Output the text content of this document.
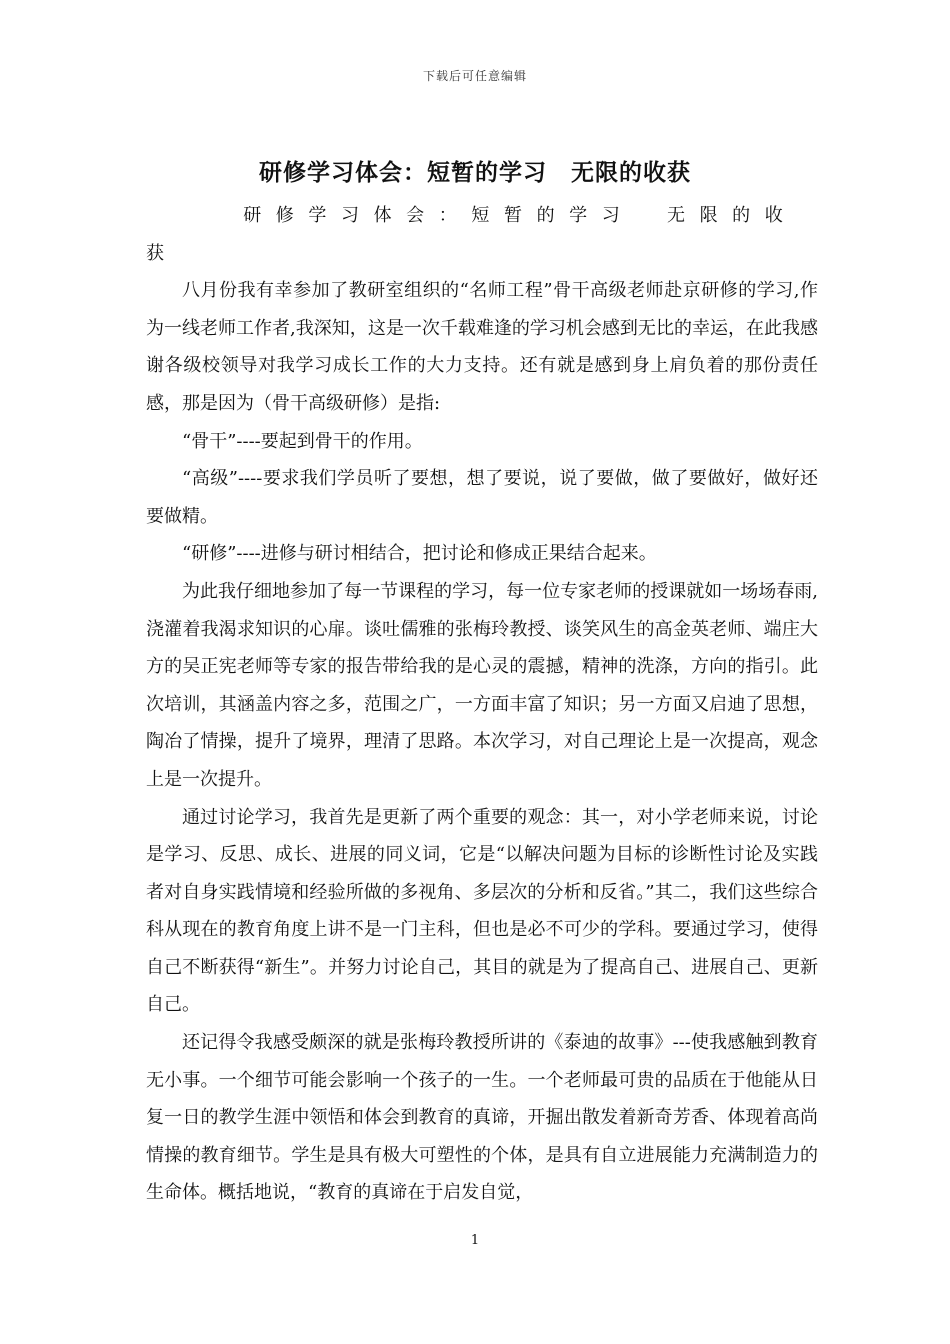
下载后可任意编辑
研修学习体会：短暂的学习　无限的收获

研修学习体会：短暂的学习　无限的收获

八月份我有幸参加了教研室组织的“名师工程”骨干高级老师赴京研修的学习,作为一线老师工作者,我深知，这是一次千载难逢的学习机会感到无比的幸运，在此我感谢各级校领导对我学习成长工作的大力支持。还有就是感到身上肩负着的那份责任感，那是因为（骨干高级研修）是指:

“骨干”----要起到骨干的作用。

“高级”----要求我们学员听了要想，想了要说，说了要做，做了要做好，做好还要做精。

“研修”----进修与研讨相结合，把讨论和修成正果结合起来。

为此我仔细地参加了每一节课程的学习，每一位专家老师的授课就如一场场春雨,浇灌着我渴求知识的心扉。谈吐儒雅的张梅玲教授、谈笑风生的高金英老师、端庄大方的吴正宪老师等专家的报告带给我的是心灵的震撼，精神的洗涤，方向的指引。此次培训，其涵盖内容之多，范围之广，一方面丰富了知识；另一方面又启迪了思想，陶冶了情操，提升了境界，理清了思路。本次学习，对自己理论上是一次提高，观念上是一次提升。

通过讨论学习，我首先是更新了两个重要的观念：其一，对小学老师来说，讨论是学习、反思、成长、进展的同义词，它是“以解决问题为目标的诊断性讨论及实践者对自身实践情境和经验所做的多视角、多层次的分析和反省。”其二，我们这些综合科从现在的教育角度上讲不是一门主科，但也是必不可少的学科。要通过学习，使得自己不断获得“新生”。并努力讨论自己，其目的就是为了提高自己、进展自己、更新自己。

还记得令我感受颇深的就是张梅玲教授所讲的《泰迪的故事》---使我感触到教育无小事。一个细节可能会影响一个孩子的一生。一个老师最可贵的品质在于他能从日复一日的教学生涯中领悟和体会到教育的真谛，开掘出散发着新奇芳香、体现着高尚情操的教育细节。学生是具有极大可塑性的个体，是具有自立进展能力充满制造力的生命体。概括地说，“教育的真谛在于启发自觉，

1
